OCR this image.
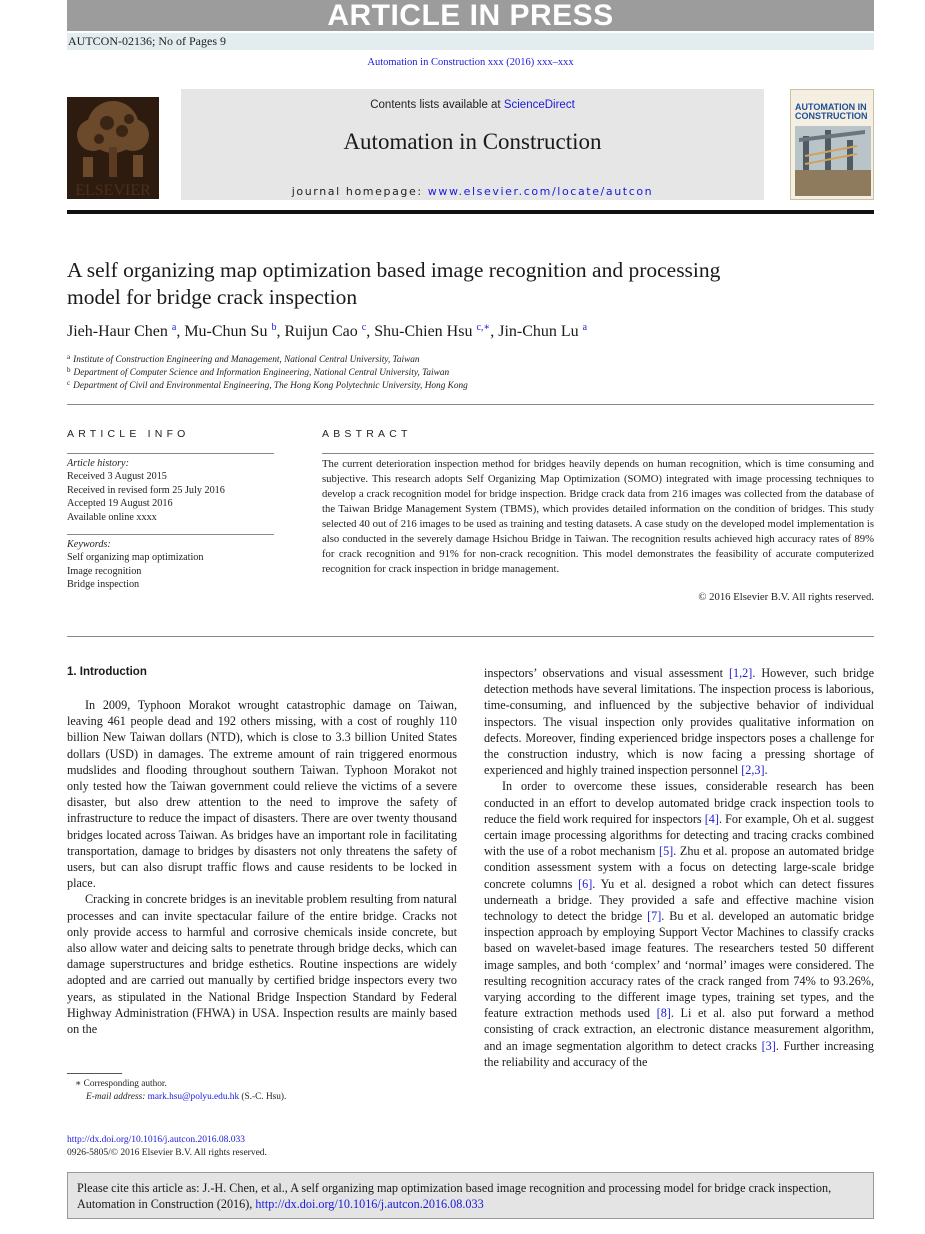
ARTICLE IN PRESS
AUTCON-02136; No of Pages 9
Automation in Construction xxx (2016) xxx–xxx
ELSEVIER
Contents lists available at ScienceDirect
Automation in Construction
journal homepage: www.elsevier.com/locate/autcon
AUTOMATION IN CONSTRUCTION
A self organizing map optimization based image recognition and processing model for bridge crack inspection
Jieh-Haur Chen $^a$, Mu-Chun Su $^b$, Ruijun Cao $^c$, Shu-Chien Hsu $^{c,∗}$, Jin-Chun Lu $^a$
$^a$ Institute of Construction Engineering and Management, National Central University, Taiwan
$^b$ Department of Computer Science and Information Engineering, National Central University, Taiwan
$^c$ Department of Civil and Environmental Engineering, The Hong Kong Polytechnic University, Hong Kong
ARTICLE INFO	ABSTRACT
Article history:
Received 3 August 2015
Received in revised form 25 July 2016
Accepted 19 August 2016
Available online xxxx
Keywords:
Self organizing map optimization
Image recognition
Bridge inspection
The current deterioration inspection method for bridges heavily depends on human recognition, which is time consuming and subjective. This research adopts Self Organizing Map Optimization (SOMO) integrated with image processing techniques to develop a crack recognition model for bridge inspection. Bridge crack data from 216 images was collected from the database of the Taiwan Bridge Management System (TBMS), which provides detailed information on the condition of bridges. This study selected 40 out of 216 images to be used as training and testing datasets. A case study on the developed model implementation is also conducted in the severely damage Hsichou Bridge in Taiwan. The recognition results achieved high accuracy rates of 89% for crack recognition and 91% for non-crack recognition. This model demonstrates the feasibility of accurate computerized recognition for crack inspection in bridge management.
© 2016 Elsevier B.V. All rights reserved.
1. Introduction

In 2009, Typhoon Morakot wrought catastrophic damage on Taiwan, leaving 461 people dead and 192 others missing, with a cost of roughly 110 billion New Taiwan dollars (NTD), which is close to 3.3 billion United States dollars (USD) in damages. The extreme amount of rain triggered enormous mudslides and flooding throughout southern Taiwan. Typhoon Morakot not only tested how the Taiwan government could relieve the victims of a severe disaster, but also drew attention to the need to improve the safety of infrastructure to reduce the impact of disasters. There are over twenty thousand bridges located across Taiwan. As bridges have an important role in facilitating transportation, damage to bridges by disasters not only threatens the safety of users, but can also disrupt traffic flows and cause residents to be locked in place.

Cracking in concrete bridges is an inevitable problem resulting from natural processes and can invite spectacular failure of the entire bridge. Cracks not only provide access to harmful and corrosive chemicals inside concrete, but also allow water and deicing salts to penetrate through bridge decks, which can damage superstructures and bridge esthetics. Routine inspections are widely adopted and are carried out manually by certified bridge inspectors every two years, as stipulated in the National Bridge Inspection Standard by Federal Highway Administration (FHWA) in USA. Inspection results are mainly based on the

inspectors’ observations and visual assessment [1,2]. However, such bridge detection methods have several limitations. The inspection process is laborious, time-consuming, and influenced by the subjective behavior of individual inspectors. The visual inspection only provides qualitative information on defects. Moreover, finding experienced bridge inspectors poses a challenge for the construction industry, which is now facing a pressing shortage of experienced and highly trained inspection personnel [2,3].

In order to overcome these issues, considerable research has been conducted in an effort to develop automated bridge crack inspection tools to reduce the field work required for inspectors [4]. For example, Oh et al. suggest certain image processing algorithms for detecting and tracing cracks combined with the use of a robot mechanism [5]. Zhu et al. propose an automated bridge condition assessment system with a focus on detecting large-scale bridge concrete columns [6]. Yu et al. designed a robot which can detect fissures underneath a bridge. They provided a safe and effective machine vision technology to detect the bridge [7]. Bu et al. developed an automatic bridge inspection approach by employing Support Vector Machines to classify cracks based on wavelet-based image features. The researchers tested 50 different image samples, and both ‘complex’ and ‘normal’ images were considered. The resulting recognition accuracy rates of the crack ranged from 74% to 93.26%, varying according to the different image types, training set types, and the feature extraction methods used [8]. Li et al. also put forward a method consisting of crack extraction, an electronic distance measurement algorithm, and an image segmentation algorithm to detect cracks [3]. Further increasing the reliability and accuracy of the

∗ Corresponding author.
E-mail address: mark.hsu@polyu.edu.hk (S.-C. Hsu).
http://dx.doi.org/10.1016/j.autcon.2016.08.033
0926-5805/© 2016 Elsevier B.V. All rights reserved.
Please cite this article as: J.-H. Chen, et al., A self organizing map optimization based image recognition and processing model for bridge crack inspection, Automation in Construction (2016), http://dx.doi.org/10.1016/j.autcon.2016.08.033
